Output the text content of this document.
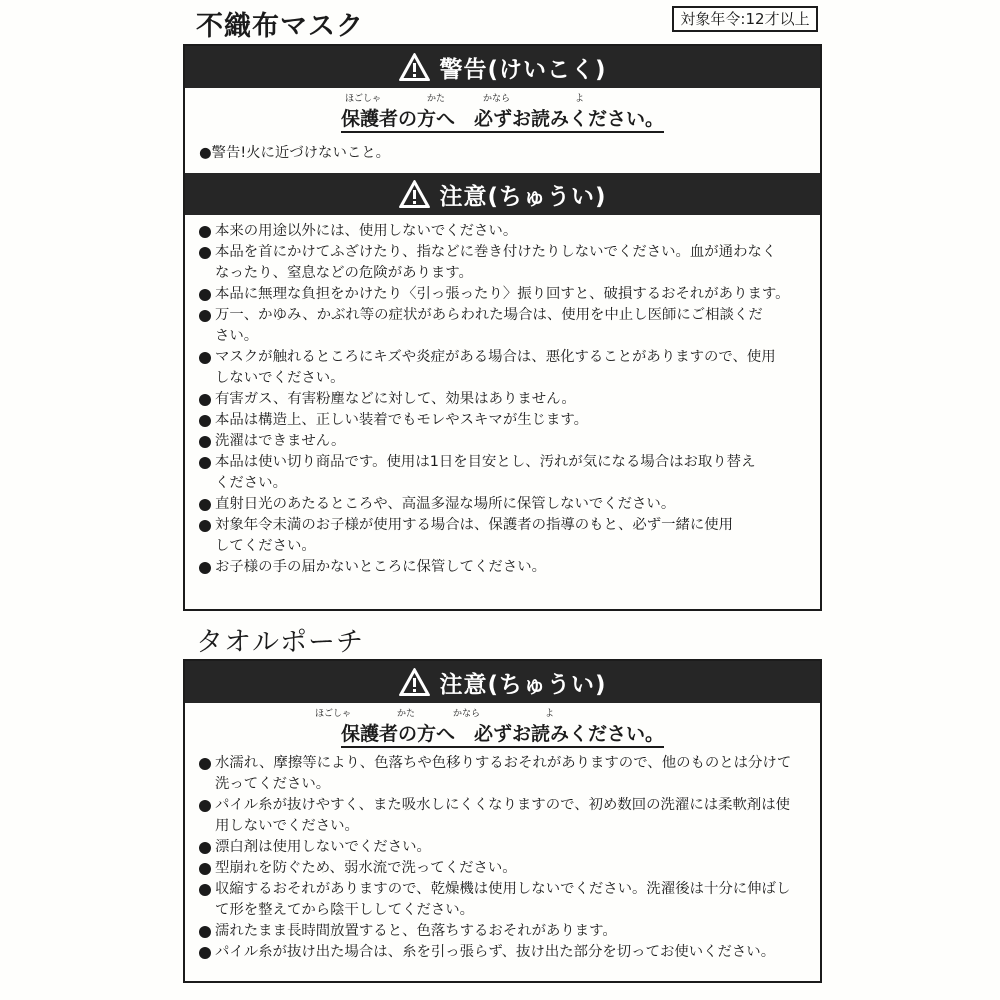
不織布マスク	対象年令:12才以上
警告(けいこく)
ほごしゃ	かた	かなら	よ
保護者の方へ　必ずお読みください。
●警告!火に近づけないこと。
注意(ちゅうい)
本来の用途以外には、使用しないでください。
本品を首にかけてふざけたり、指などに巻き付けたりしないでください。血が通わなく
なったり、窒息などの危険があります。
本品に無理な負担をかけたり〈引っ張ったり〉振り回すと、破損するおそれがあります。
万一、かゆみ、かぶれ等の症状があらわれた場合は、使用を中止し医師にご相談くだ
さい。
マスクが触れるところにキズや炎症がある場合は、悪化することがありますので、使用
しないでください。
有害ガス、有害粉塵などに対して、効果はありません。
本品は構造上、正しい装着でもモレやスキマが生じます。
洗濯はできません。
本品は使い切り商品です。使用は1日を目安とし、汚れが気になる場合はお取り替え
ください。
直射日光のあたるところや、高温多湿な場所に保管しないでください。
対象年令未満のお子様が使用する場合は、保護者の指導のもと、必ず一緒に使用
してください。
お子様の手の届かないところに保管してください。
タオルポーチ
注意(ちゅうい)
ほごしゃ	かた	かなら	よ
保護者の方へ　必ずお読みください。
水濡れ、摩擦等により、色落ちや色移りするおそれがありますので、他のものとは分けて
洗ってください。
パイル糸が抜けやすく、また吸水しにくくなりますので、初め数回の洗濯には柔軟剤は使
用しないでください。
漂白剤は使用しないでください。
型崩れを防ぐため、弱水流で洗ってください。
収縮するおそれがありますので、乾燥機は使用しないでください。洗濯後は十分に伸ばし
て形を整えてから陰干ししてください。
濡れたまま長時間放置すると、色落ちするおそれがあります。
パイル糸が抜け出た場合は、糸を引っ張らず、抜け出た部分を切ってお使いください。
